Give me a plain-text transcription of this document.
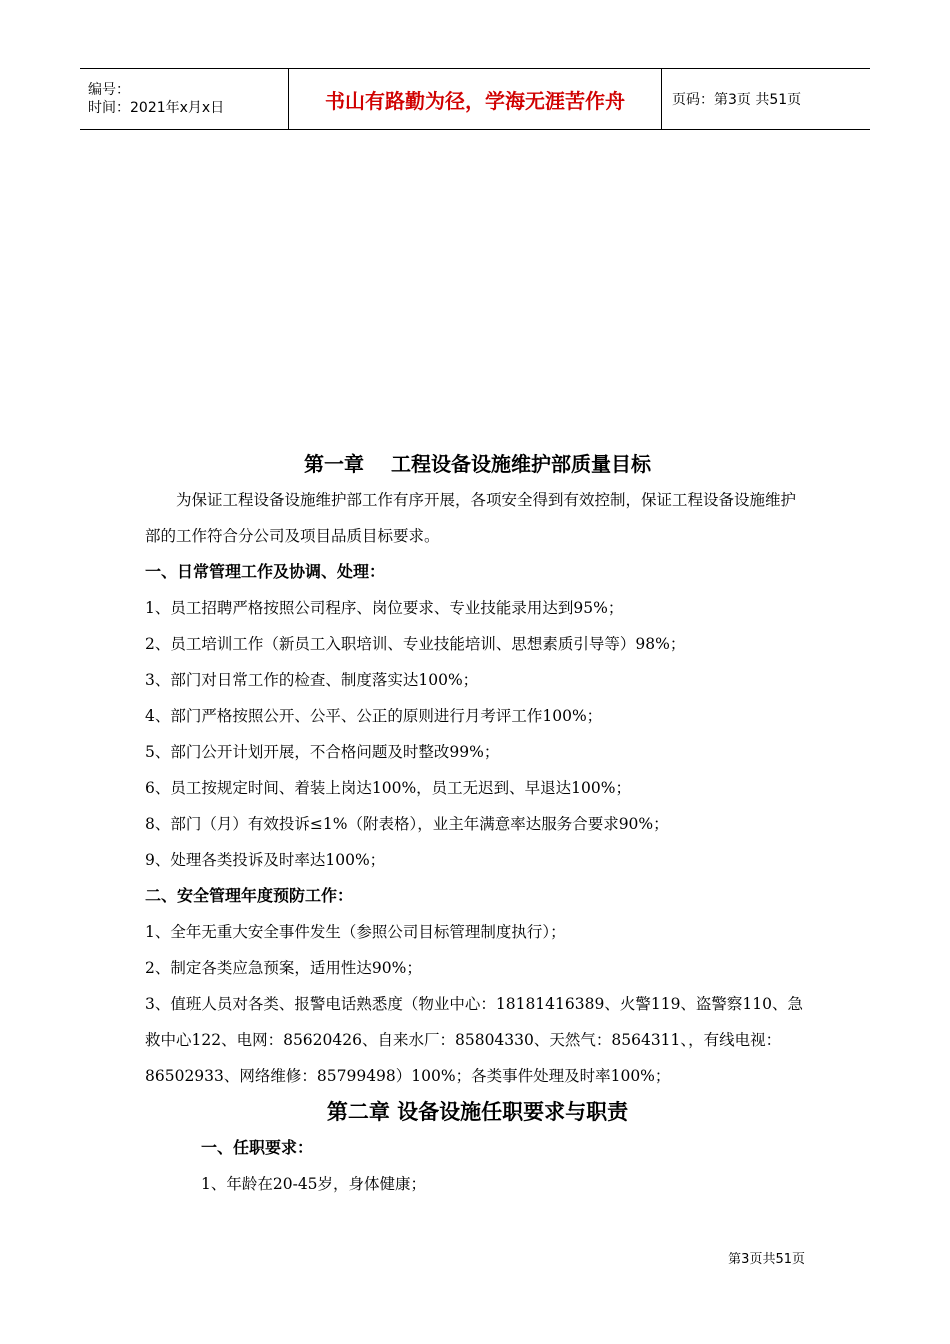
编号：
时间：2021年x月x日	书山有路勤为径，学海无涯苦作舟	页码：第3页 共51页
第一章　 工程设备设施维护部质量目标

为保证工程设备设施维护部工作有序开展，各项安全得到有效控制，保证工程设备设施维护部的工作符合分公司及项目品质目标要求。

一、日常管理工作及协调、处理：

1、员工招聘严格按照公司程序、岗位要求、专业技能录用达到95%；

2、员工培训工作（新员工入职培训、专业技能培训、思想素质引导等）98%；

3、部门对日常工作的检查、制度落实达100%；

4、部门严格按照公开、公平、公正的原则进行月考评工作100%；

5、部门公开计划开展，不合格问题及时整改99%；

6、员工按规定时间、着装上岗达100%，员工无迟到、早退达100%；

8、部门（月）有效投诉≤1%（附表格），业主年满意率达服务合要求90%；

9、处理各类投诉及时率达100%；

二、安全管理年度预防工作：

1、全年无重大安全事件发生（参照公司目标管理制度执行）；

2、制定各类应急预案，适用性达90%；

3、值班人员对各类、报警电话熟悉度（物业中心：18181416389、火警119、盗警察110、急救中心122、电网：85620426、自来水厂：85804330、天然气：8564311、，有线电视：86502933、网络维修：85799498）100%；各类事件处理及时率100%；

第二章 设备设施任职要求与职责

一、任职要求：

1、年龄在20-45岁，身体健康；

第3页共51页
